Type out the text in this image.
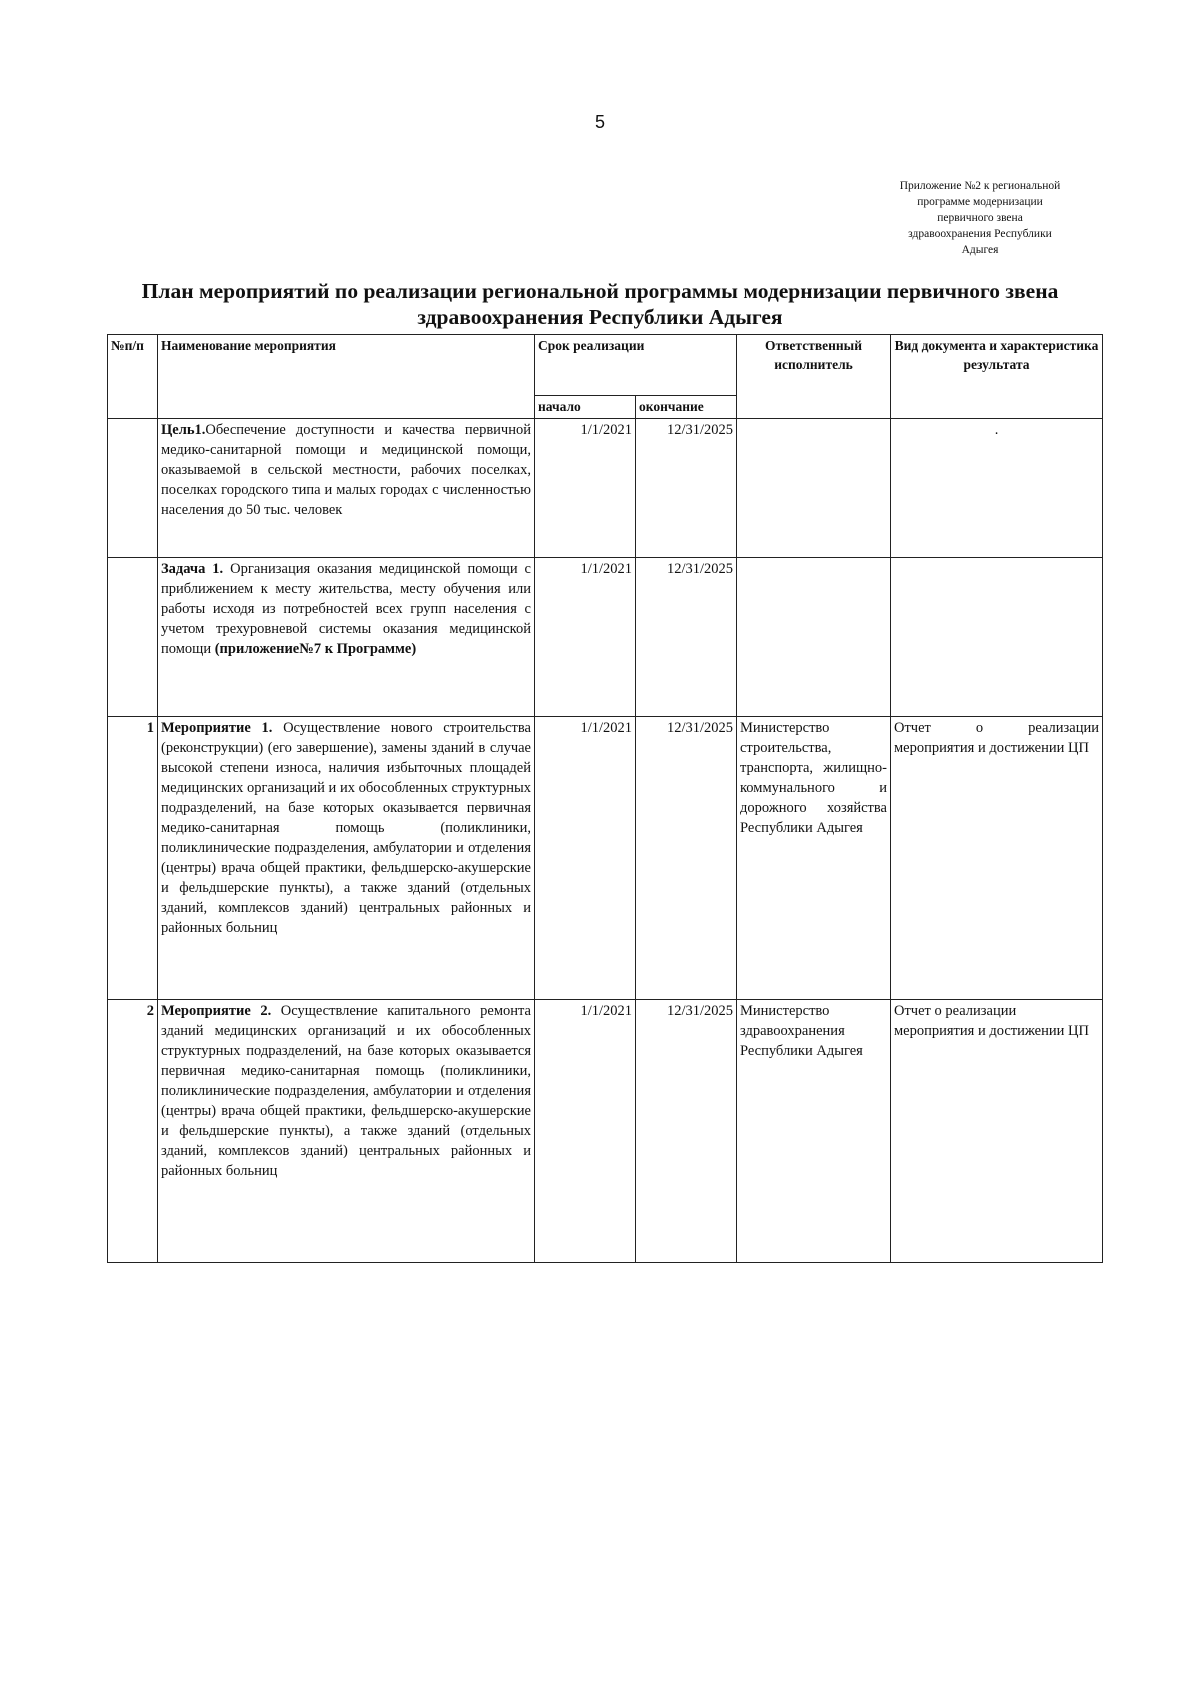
5
Приложение №2 к региональной
программе модернизации
первичного звена
здравоохранения Республики
Адыгея
План мероприятий по реализации региональной программы модернизации первичного звена
здравоохранения Республики Адыгея
№п/п	Наименование мероприятия	Срок реализации		Ответственный исполнитель	Вид документа и характеристика результата
		начало	окончание		
	Цель1.Обеспечение доступности и качества первичной медико-санитарной помощи и медицинской помощи, оказываемой в сельской местности, рабочих поселках, поселках городского типа и малых городах с численностью населения до 50 тыс. человек	1/1/2021	12/31/2025		.
	Задача 1. Организация оказания медицинской помощи с приближением к месту жительства, месту обучения или работы исходя из потребностей всех групп населения с учетом трехуровневой системы оказания медицинской помощи (приложение№7 к Программе)	1/1/2021	12/31/2025		
1	Мероприятие 1. Осуществление нового строительства (реконструкции) (его завершение), замены зданий в случае высокой степени износа, наличия избыточных площадей медицинских организаций и их обособленных структурных подразделений, на базе которых оказывается первичная медико-санитарная помощь (поликлиники, поликлинические подразделения, амбулатории и отделения (центры) врача общей практики, фельдшерско-акушерские и фельдшерские пункты), а также зданий (отдельных зданий, комплексов зданий) центральных районных и районных больниц	1/1/2021	12/31/2025	Министерство строительства, транспорта, жилищно-коммунального и дорожного хозяйства Республики Адыгея	Отчет о реализации мероприятия и достижении ЦП
2	Мероприятие 2. Осуществление капитального ремонта зданий медицинских организаций и их обособленных структурных подразделений, на базе которых оказывается первичная медико-санитарная помощь (поликлиники, поликлинические подразделения, амбулатории и отделения (центры) врача общей практики, фельдшерско-акушерские и фельдшерские пункты), а также зданий (отдельных зданий, комплексов зданий) центральных районных и районных больниц	1/1/2021	12/31/2025	Министерство здравоохранения Республики Адыгея	Отчет о реализации мероприятия и достижении ЦП
